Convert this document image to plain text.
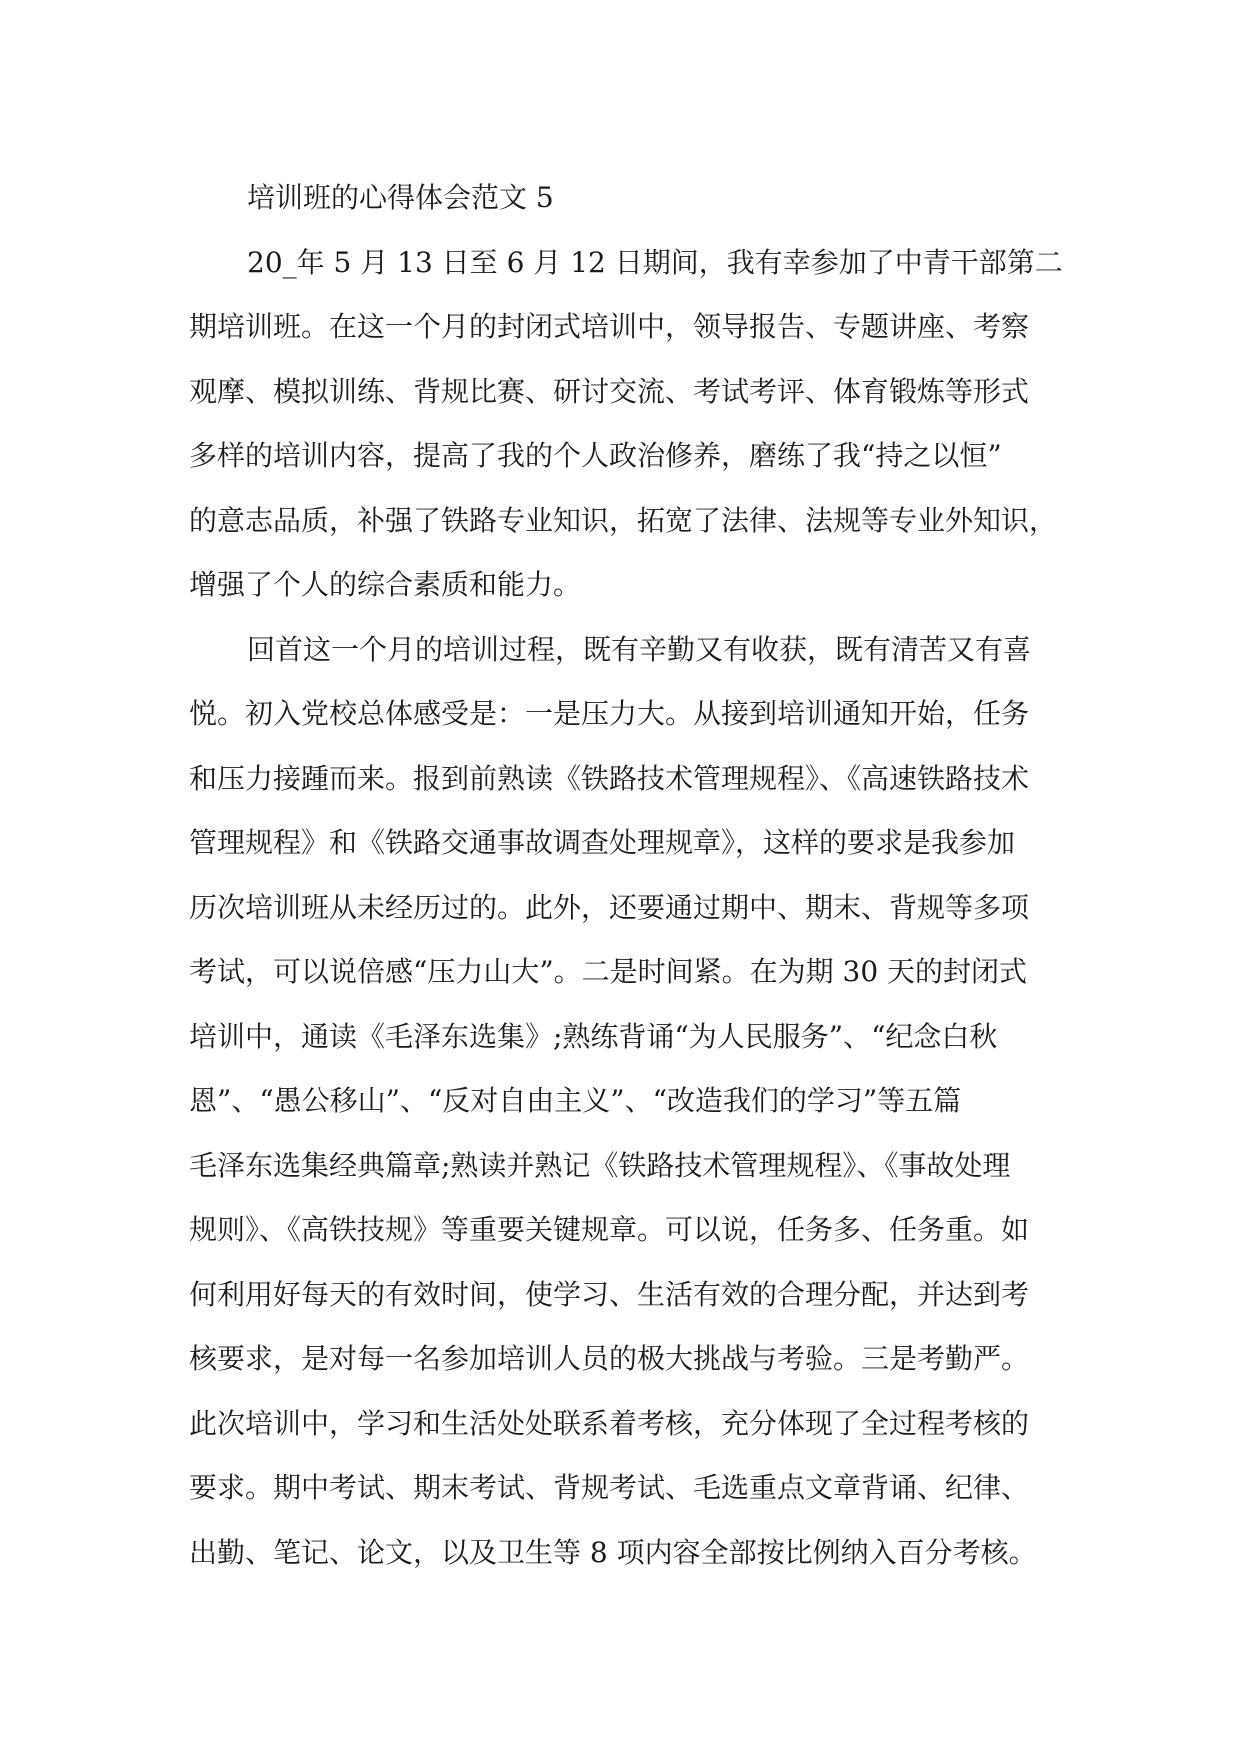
培训班的心得体会范文 5
20_年 5 月 13 日至 6 月 12 日期间，我有幸参加了中青干部第二
期培训班。在这一个月的封闭式培训中，领导报告、专题讲座、考察
观摩、模拟训练、背规比赛、研讨交流、考试考评、体育锻炼等形式
多样的培训内容，提高了我的个人政治修养，磨练了我“持之以恒”
的意志品质，补强了铁路专业知识，拓宽了法律、法规等专业外知识，
增强了个人的综合素质和能力。
回首这一个月的培训过程，既有辛勤又有收获，既有清苦又有喜
悦。初入党校总体感受是：一是压力大。从接到培训通知开始，任务
和压力接踵而来。报到前熟读《铁路技术管理规程》、《高速铁路技术
管理规程》和《铁路交通事故调查处理规章》，这样的要求是我参加
历次培训班从未经历过的。此外，还要通过期中、期末、背规等多项
考试，可以说倍感“压力山大”。二是时间紧。在为期 30 天的封闭式
培训中，通读《毛泽东选集》;熟练背诵“为人民服务”、“纪念白秋
恩”、“愚公移山”、“反对自由主义”、“改造我们的学习”等五篇
毛泽东选集经典篇章;熟读并熟记《铁路技术管理规程》、《事故处理
规则》、《高铁技规》等重要关键规章。可以说，任务多、任务重。如
何利用好每天的有效时间，使学习、生活有效的合理分配，并达到考
核要求，是对每一名参加培训人员的极大挑战与考验。三是考勤严。
此次培训中，学习和生活处处联系着考核，充分体现了全过程考核的
要求。期中考试、期末考试、背规考试、毛选重点文章背诵、纪律、
出勤、笔记、论文，以及卫生等 8 项内容全部按比例纳入百分考核。
